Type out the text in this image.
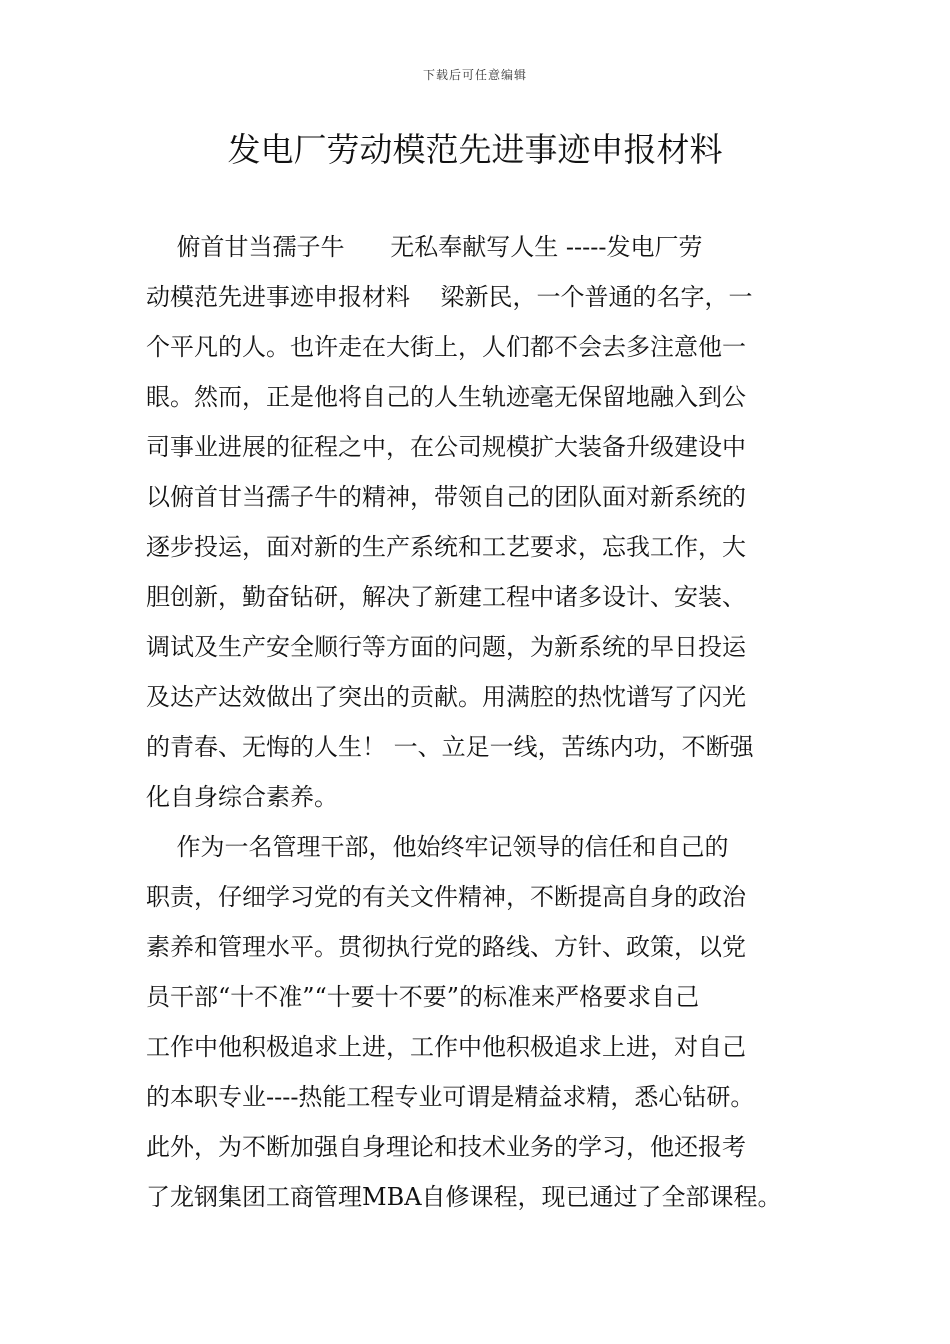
下载后可任意编辑
发电厂劳动模范先进事迹申报材料
俯首甘当孺子牛      无私奉献写人生 -----发电厂劳
动模范先进事迹申报材料    梁新民，一个普通的名字，一
个平凡的人。也许走在大街上，人们都不会去多注意他一
眼。然而，正是他将自己的人生轨迹毫无保留地融入到公
司事业进展的征程之中，在公司规模扩大装备升级建设中
以俯首甘当孺子牛的精神，带领自己的团队面对新系统的
逐步投运，面对新的生产系统和工艺要求，忘我工作，大
胆创新，勤奋钻研，解决了新建工程中诸多设计、安装、
调试及生产安全顺行等方面的问题，为新系统的早日投运
及达产达效做出了突出的贡献。用满腔的热忱谱写了闪光
的青春、无悔的人生！ 一、立足一线，苦练内功，不断强
化自身综合素养。
作为一名管理干部，他始终牢记领导的信任和自己的
职责，仔细学习党的有关文件精神，不断提高自身的政治
素养和管理水平。贯彻执行党的路线、方针、政策，以党
员干部“十不准”“十要十不要”的标准来严格要求自己
工作中他积极追求上进，工作中他积极追求上进，对自己
的本职专业----热能工程专业可谓是精益求精，悉心钻研。
此外，为不断加强自身理论和技术业务的学习，他还报考
了龙钢集团工商管理MBA自修课程，现已通过了全部课程。
